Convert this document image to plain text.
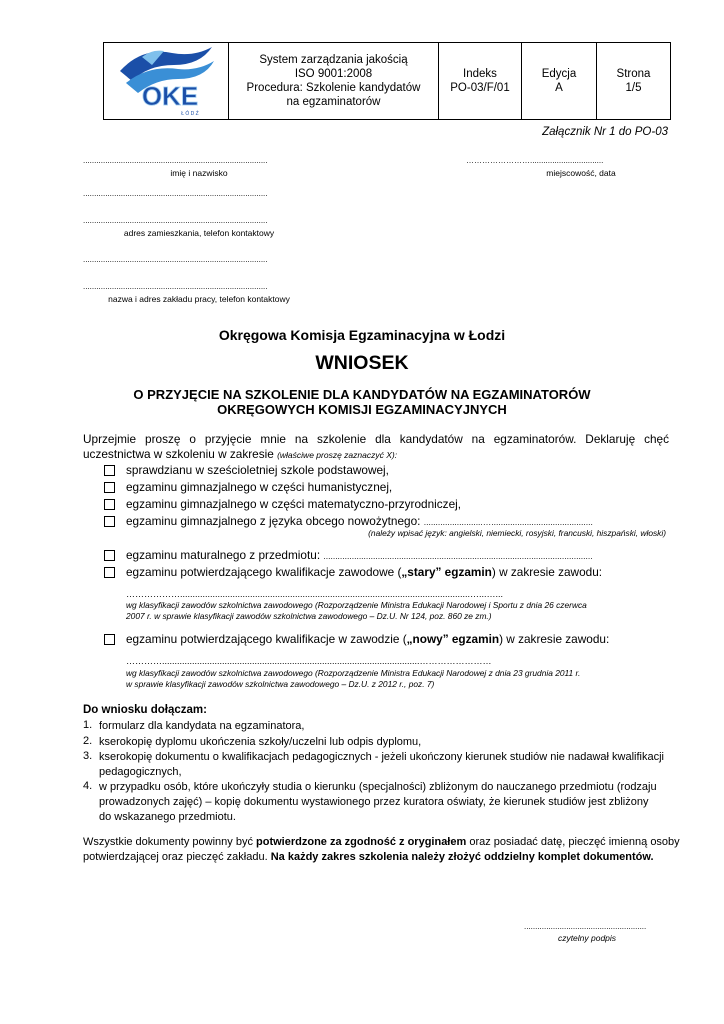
OKE
Ł Ó D Ź

System zarządzania jakością
ISO 9001:2008
Procedura: Szkolenie kandydatów
na egzaminatorów

Indeks
PO-03/F/01

Edycja
A

Strona
1/5
Załącznik Nr 1 do PO-03
...................................................................................
imię i nazwisko
…………………….................................
miejscowość, data
...................................................................................
...................................................................................
adres zamieszkania, telefon kontaktowy
...................................................................................
...................................................................................
nazwa i adres zakładu pracy, telefon kontaktowy
Okręgowa Komisja Egzaminacyjna w Łodzi
WNIOSEK
O PRZYJĘCIE NA SZKOLENIE DLA KANDYDATÓW NA EGZAMINATORÓW
OKRĘGOWYCH KOMISJI EGZAMINACYJNYCH
Uprzejmie proszę o przyjęcie mnie na szkolenie dla kandydatów na egzaminatorów. Deklaruję chęć
uczestnictwa w szkoleniu w zakresie (właściwe proszę zaznaczyć X):
sprawdzianu w sześcioletniej szkole podstawowej,
egzaminu gimnazjalnego w części humanistycznej,
egzaminu gimnazjalnego w części matematyczno-przyrodniczej,
egzaminu gimnazjalnego z języka obcego nowożytnego: .........................…...........................................
(należy wpisać język: angielski, niemiecki, rosyjski, francuski, hiszpański, włoski)
egzaminu maturalnego z przedmiotu: ..................................................................................................................
egzaminu potwierdzającego kwalifikacje zawodowe („stary” egzamin) w zakresie zawodu:
………………....................................................................................................................…...…...
wg klasyfikacji zawodów szkolnictwa zawodowego (Rozporządzenie Ministra Edukacji Narodowej i Sportu z dnia 26 czerwca
2007 r. w sprawie klasyfikacji zawodów szkolnictwa zawodowego – Dz.U. Nr 124, poz. 860 ze zm.)
egzaminu potwierdzającego kwalifikacje w zawodzie („nowy” egzamin) w zakresie zawodu:
………….......................................................................................................……………………
wg klasyfikacji zawodów szkolnictwa zawodowego (Rozporządzenie Ministra Edukacji Narodowej z dnia 23 grudnia 2011 r.
w sprawie klasyfikacji zawodów szkolnictwa zawodowego – Dz.U. z 2012 r., poz. 7)
Do wniosku dołączam:
1. formularz dla kandydata na egzaminatora,
2. kserokopię dyplomu ukończenia szkoły/uczelni lub odpis dyplomu,
3. kserokopię dokumentu o kwalifikacjach pedagogicznych - jeżeli ukończony kierunek studiów nie nadawał kwalifikacji
pedagogicznych,
4. w przypadku osób, które ukończyły studia o kierunku (specjalności) zbliżonym do nauczanego przedmiotu (rodzaju
prowadzonych zajęć) – kopię dokumentu wystawionego przez kuratora oświaty, że kierunek studiów jest zbliżony
do wskazanego przedmiotu.
Wszystkie dokumenty powinny być potwierdzone za zgodność z oryginałem oraz posiadać datę, pieczęć imienną osoby
potwierdzającej oraz pieczęć zakładu. Na każdy zakres szkolenia należy złożyć oddzielny komplet dokumentów.
.......................................................
czytelny podpis
